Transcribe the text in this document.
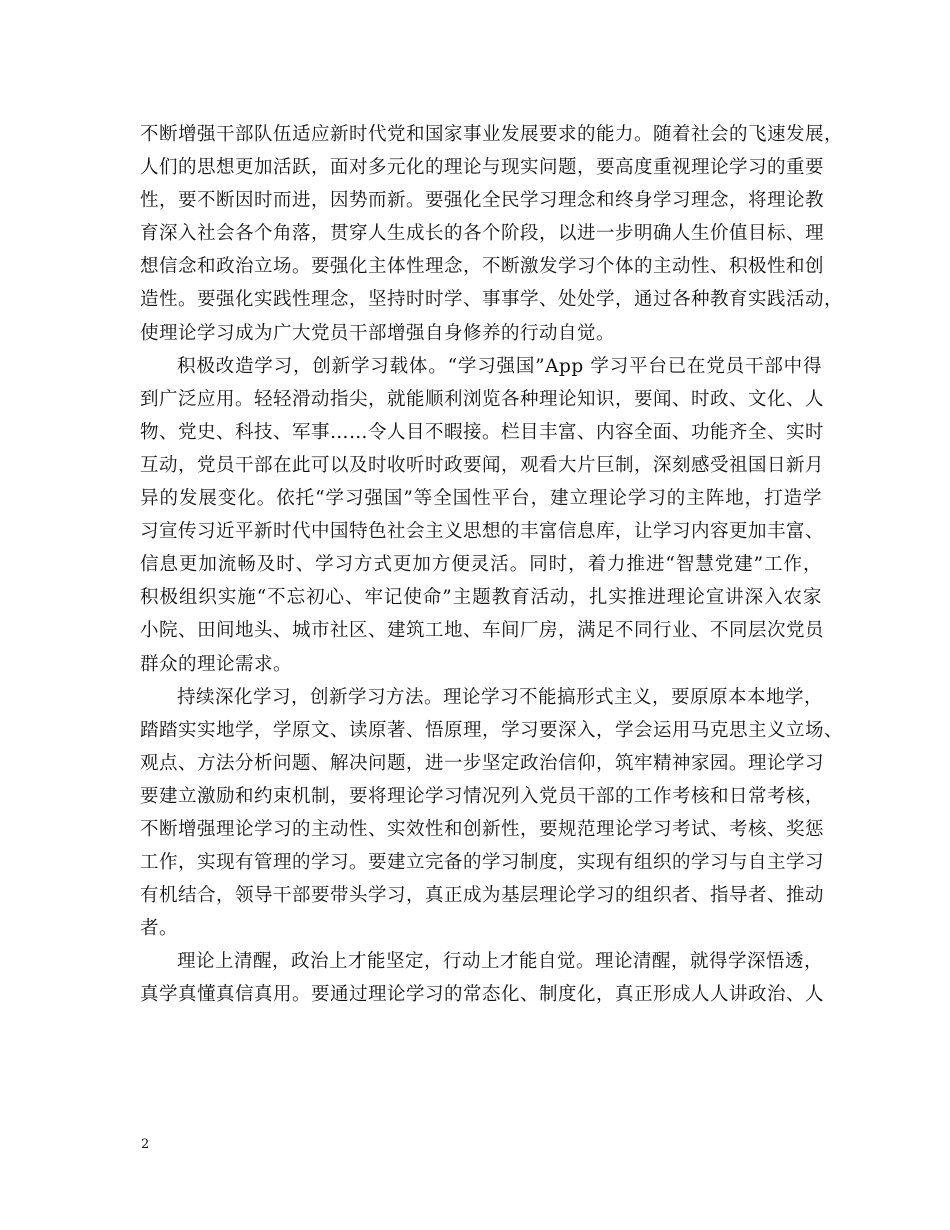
不断增强干部队伍适应新时代党和国家事业发展要求的能力。随着社会的飞速发展，
人们的思想更加活跃，面对多元化的理论与现实问题，要高度重视理论学习的重要
性，要不断因时而进，因势而新。要强化全民学习理念和终身学习理念，将理论教
育深入社会各个角落，贯穿人生成长的各个阶段，以进一步明确人生价值目标、理
想信念和政治立场。要强化主体性理念，不断激发学习个体的主动性、积极性和创
造性。要强化实践性理念，坚持时时学、事事学、处处学，通过各种教育实践活动，
使理论学习成为广大党员干部增强自身修养的行动自觉。
积极改造学习，创新学习载体。“学习强国”App 学习平台已在党员干部中得
到广泛应用。轻轻滑动指尖，就能顺利浏览各种理论知识，要闻、时政、文化、人
物、党史、科技、军事……令人目不暇接。栏目丰富、内容全面、功能齐全、实时
互动，党员干部在此可以及时收听时政要闻，观看大片巨制，深刻感受祖国日新月
异的发展变化。依托“学习强国”等全国性平台，建立理论学习的主阵地，打造学
习宣传习近平新时代中国特色社会主义思想的丰富信息库，让学习内容更加丰富、
信息更加流畅及时、学习方式更加方便灵活。同时，着力推进“智慧党建”工作，
积极组织实施“不忘初心、牢记使命”主题教育活动，扎实推进理论宣讲深入农家
小院、田间地头、城市社区、建筑工地、车间厂房，满足不同行业、不同层次党员
群众的理论需求。
持续深化学习，创新学习方法。理论学习不能搞形式主义，要原原本本地学，
踏踏实实地学，学原文、读原著、悟原理，学习要深入，学会运用马克思主义立场、
观点、方法分析问题、解决问题，进一步坚定政治信仰，筑牢精神家园。理论学习
要建立激励和约束机制，要将理论学习情况列入党员干部的工作考核和日常考核，
不断增强理论学习的主动性、实效性和创新性，要规范理论学习考试、考核、奖惩
工作，实现有管理的学习。要建立完备的学习制度，实现有组织的学习与自主学习
有机结合，领导干部要带头学习，真正成为基层理论学习的组织者、指导者、推动
者。
理论上清醒，政治上才能坚定，行动上才能自觉。理论清醒，就得学深悟透，
真学真懂真信真用。要通过理论学习的常态化、制度化，真正形成人人讲政治、人
2
